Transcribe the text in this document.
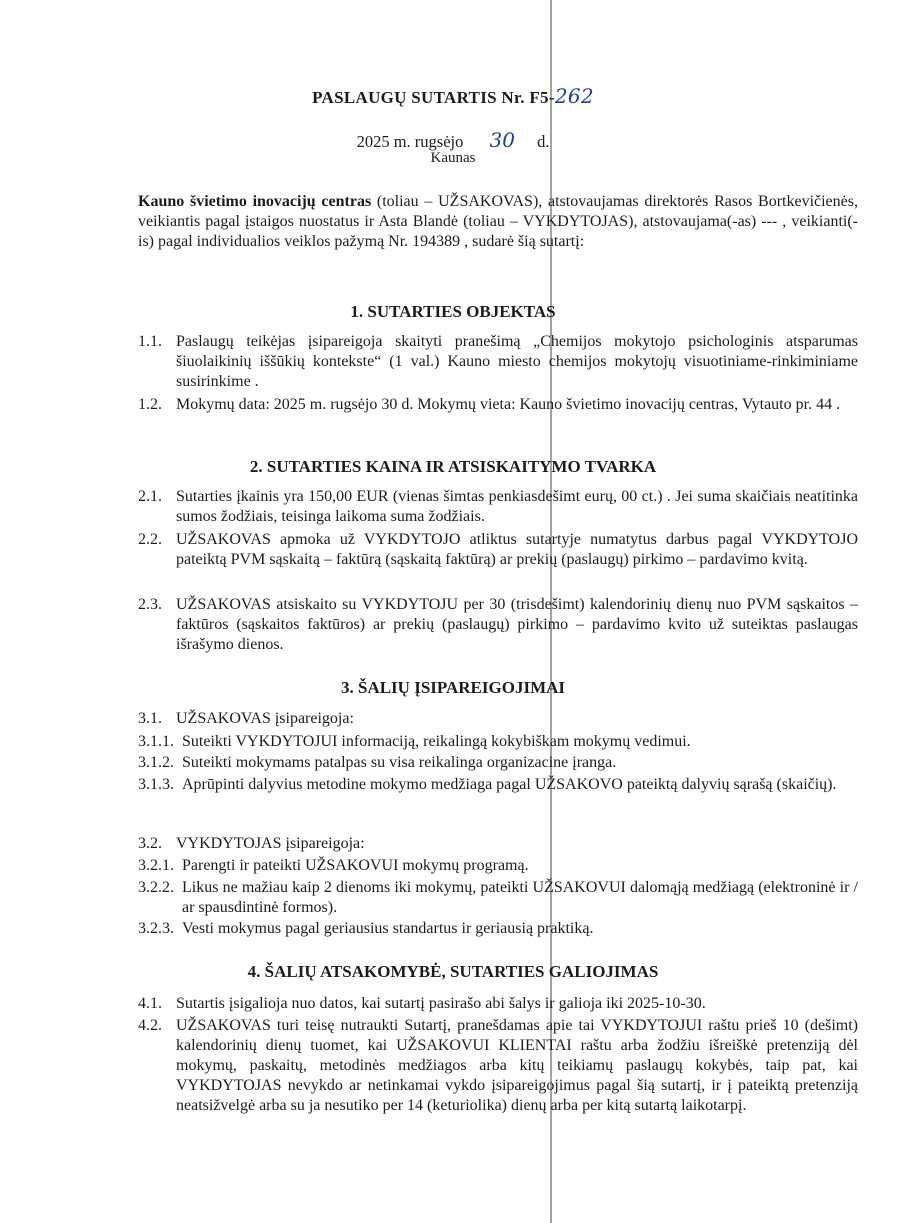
PASLAUGŲ SUTARTIS Nr. F5-262
2025 m. rugsėjo 30 d.
Kaunas

Kauno švietimo inovacijų centras (toliau – UŽSAKOVAS), atstovaujamas direktorės Rasos Bortkevičienės, veikiantis pagal įstaigos nuostatus ir Asta Blandė (toliau – VYKDYTOJAS), atstovaujama(-as) --- , veikianti(-is) pagal individualios veiklos pažymą Nr. 194389 , sudarė šią sutartį:

1. SUTARTIES OBJEKTAS
1.1. Paslaugų teikėjas įsipareigoja skaityti pranešimą „Chemijos mokytojo psichologinis atsparumas šiuolaikinių iššūkių kontekste“ (1 val.) Kauno miesto chemijos mokytojų visuotiniame-rinkiminiame susirinkime .
1.2. Mokymų data: 2025 m. rugsėjo 30 d. Mokymų vieta: Kauno švietimo inovacijų centras, Vytauto pr. 44 .
2. SUTARTIES KAINA IR ATSISKAITYMO TVARKA
2.1. Sutarties įkainis yra 150,00 EUR (vienas šimtas penkiasdešimt eurų, 00 ct.) . Jei suma skaičiais neatitinka sumos žodžiais, teisinga laikoma suma žodžiais.
2.2. UŽSAKOVAS apmoka už VYKDYTOJO atliktus sutartyje numatytus darbus pagal VYKDYTOJO pateiktą PVM sąskaitą – faktūrą (sąskaitą faktūrą) ar prekių (paslaugų) pirkimo – pardavimo kvitą.
2.3. UŽSAKOVAS atsiskaito su VYKDYTOJU per 30 (trisdešimt) kalendorinių dienų nuo PVM sąskaitos – faktūros (sąskaitos faktūros) ar prekių (paslaugų) pirkimo – pardavimo kvito už suteiktas paslaugas išrašymo dienos.
3. ŠALIŲ ĮSIPAREIGOJIMAI
3.1. UŽSAKOVAS įsipareigoja:
3.1.1. Suteikti VYKDYTOJUI informaciją, reikalingą kokybiškam mokymų vedimui.
3.1.2. Suteikti mokymams patalpas su visa reikalinga organizacine įranga.
3.1.3. Aprūpinti dalyvius metodine mokymo medžiaga pagal UŽSAKOVO pateiktą dalyvių sąrašą (skaičių).
3.2. VYKDYTOJAS įsipareigoja:
3.2.1. Parengti ir pateikti UŽSAKOVUI mokymų programą.
3.2.2. Likus ne mažiau kaip 2 dienoms iki mokymų, pateikti UŽSAKOVUI dalomąją medžiagą (elektroninė ir / ar spausdintinė formos).
3.2.3. Vesti mokymus pagal geriausius standartus ir geriausią praktiką.
4. ŠALIŲ ATSAKOMYBĖ, SUTARTIES GALIOJIMAS
4.1. Sutartis įsigalioja nuo datos, kai sutartį pasirašo abi šalys ir galioja iki 2025-10-30.
4.2. UŽSAKOVAS turi teisę nutraukti Sutartį, pranešdamas apie tai VYKDYTOJUI raštu prieš 10 (dešimt) kalendorinių dienų tuomet, kai UŽSAKOVUI KLIENTAI raštu arba žodžiu išreiškė pretenziją dėl mokymų, paskaitų, metodinės medžiagos arba kitų teikiamų paslaugų kokybės, taip pat, kai VYKDYTOJAS nevykdo ar netinkamai vykdo įsipareigojimus pagal šią sutartį, ir į pateiktą pretenziją neatsižvelgė arba su ja nesutiko per 14 (keturiolika) dienų arba per kitą sutartą laikotarpį.
